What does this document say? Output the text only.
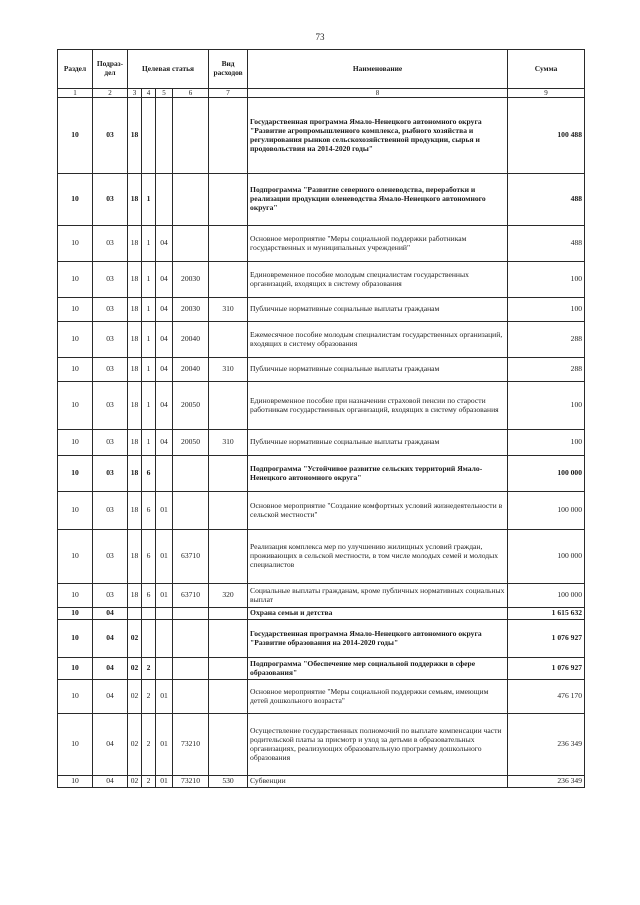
73
Раздел	Подраз-
дел	Целевая статья				Вид
расходов	Наименование	Сумма
1	2	3	4	5	6	7	8	9
10	03	18					Государственная программа Ямало-Ненецкого автономного округа "Развитие агропромышленного комплекса, рыбного хозяйства и регулирования рынков сельскохозяйственной продукции, сырья и продовольствия на 2014-2020 годы"	100 488
10	03	18	1				Подпрограмма "Развитие северного оленеводства, переработки и реализации продукции оленеводства Ямало-Ненецкого автономного округа"	488
10	03	18	1	04			Основное мероприятие "Меры социальной поддержки работникам государственных и муниципальных учреждений"	488
10	03	18	1	04	20030		Единовременное пособие молодым специалистам государственных организаций, входящих в систему образования	100
10	03	18	1	04	20030	310	Публичные нормативные социальные выплаты гражданам	100
10	03	18	1	04	20040		Ежемесячное пособие молодым специалистам государственных организаций, входящих в систему образования	288
10	03	18	1	04	20040	310	Публичные нормативные социальные выплаты гражданам	288
10	03	18	1	04	20050		Единовременное пособие при назначении страховой пенсии по старости работникам государственных организаций, входящих в систему образования	100
10	03	18	1	04	20050	310	Публичные нормативные социальные выплаты гражданам	100
10	03	18	6				Подпрограмма "Устойчивое развитие сельских территорий Ямало-Ненецкого автономного округа"	100 000
10	03	18	6	01			Основное мероприятие "Создание комфортных условий жизнедеятельности в сельской местности"	100 000
10	03	18	6	01	63710		Реализация комплекса мер по улучшению жилищных условий граждан, проживающих в сельской местности, в том числе молодых семей и молодых специалистов	100 000
10	03	18	6	01	63710	320	Социальные выплаты гражданам, кроме публичных нормативных социальных выплат	100 000
10	04						Охрана семьи и детства	1 615 632
10	04	02					Государственная программа Ямало-Ненецкого автономного округа "Развитие образования на 2014-2020 годы"	1 076 927
10	04	02	2				Подпрограмма "Обеспечение мер социальной поддержки в сфере образования"	1 076 927
10	04	02	2	01			Основное мероприятие "Меры социальной поддержки семьям, имеющим детей дошкольного возраста"	476 170
10	04	02	2	01	73210		Осуществление государственных полномочий по выплате компенсации части родительской платы за присмотр и уход за детьми в образовательных организациях, реализующих образовательную программу дошкольного образования	236 349
10	04	02	2	01	73210	530	Субвенции	236 349
